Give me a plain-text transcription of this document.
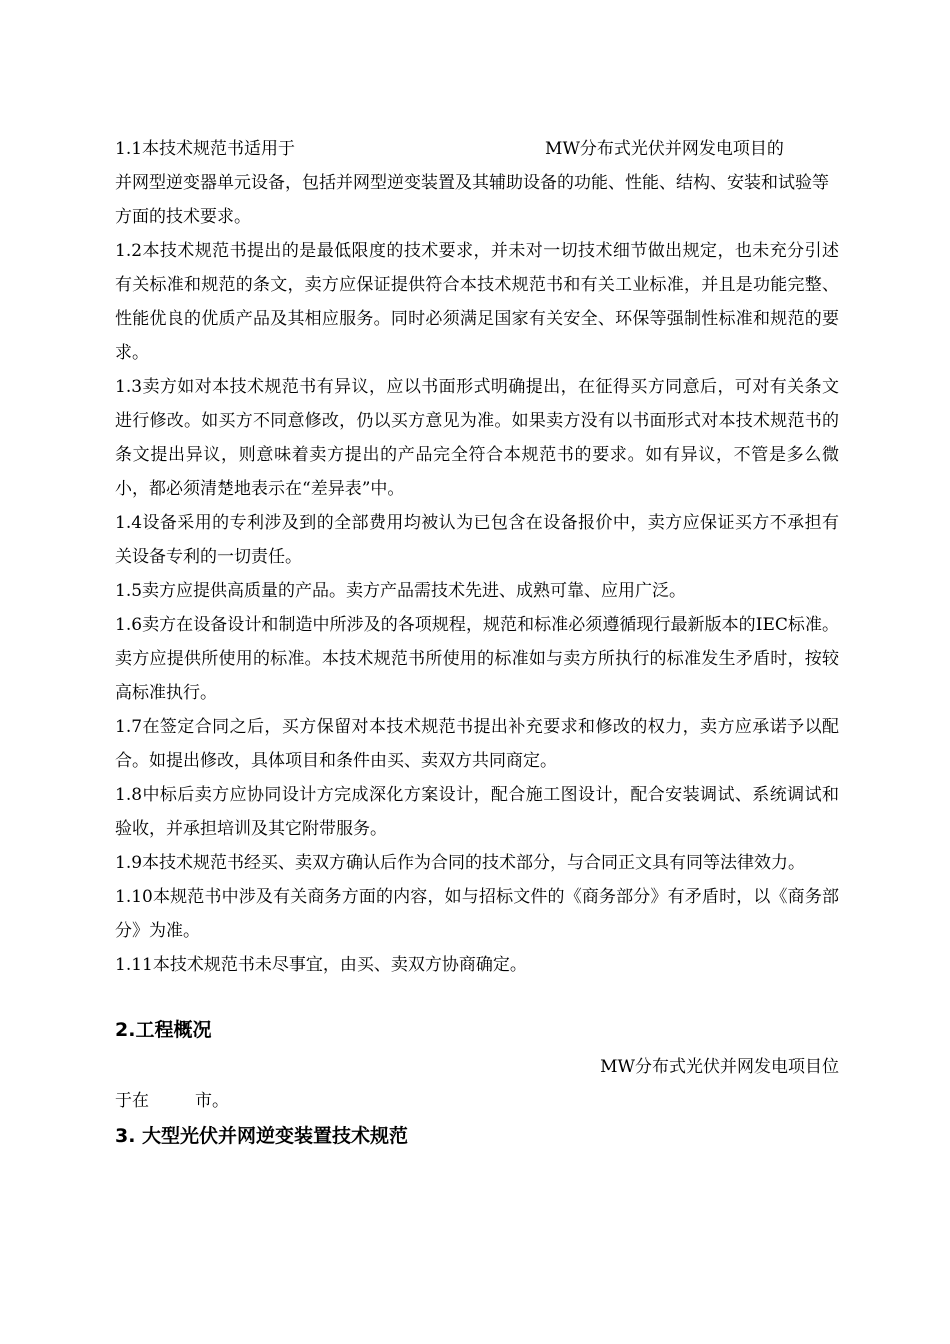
1.1本技术规范书适用于	MW分布式光伏并网发电项目的
并网型逆变器单元设备，包括并网型逆变装置及其辅助设备的功能、性能、结构、安装和试验等方面的技术要求。

1.2本技术规范书提出的是最低限度的技术要求，并未对一切技术细节做出规定，也未充分引述有关标准和规范的条文，卖方应保证提供符合本技术规范书和有关工业标准，并且是功能完整、性能优良的优质产品及其相应服务。同时必须满足国家有关安全、环保等强制性标准和规范的要求。

1.3卖方如对本技术规范书有异议，应以书面形式明确提出，在征得买方同意后，可对有关条文进行修改。如买方不同意修改，仍以买方意见为准。如果卖方没有以书面形式对本技术规范书的条文提出异议，则意味着卖方提出的产品完全符合本规范书的要求。如有异议，不管是多么微小，都必须清楚地表示在“差异表”中。

1.4设备采用的专利涉及到的全部费用均被认为已包含在设备报价中，卖方应保证买方不承担有关设备专利的一切责任。

1.5卖方应提供高质量的产品。卖方产品需技术先进、成熟可靠、应用广泛。

1.6卖方在设备设计和制造中所涉及的各项规程，规范和标准必须遵循现行最新版本的IEC标准。卖方应提供所使用的标准。本技术规范书所使用的标准如与卖方所执行的标准发生矛盾时，按较高标准执行。

1.7在签定合同之后，买方保留对本技术规范书提出补充要求和修改的权力，卖方应承诺予以配合。如提出修改，具体项目和条件由买、卖双方共同商定。

1.8中标后卖方应协同设计方完成深化方案设计，配合施工图设计，配合安装调试、系统调试和验收，并承担培训及其它附带服务。

1.9本技术规范书经买、卖双方确认后作为合同的技术部分，与合同正文具有同等法律效力。

1.10本规范书中涉及有关商务方面的内容，如与招标文件的《商务部分》有矛盾时，以《商务部分》为准。

1.11本技术规范书未尽事宜，由买、卖双方协商确定。

2.工程概况

MW分布式光伏并网发电项目位

于在	市。

3. 大型光伏并网逆变装置技术规范
